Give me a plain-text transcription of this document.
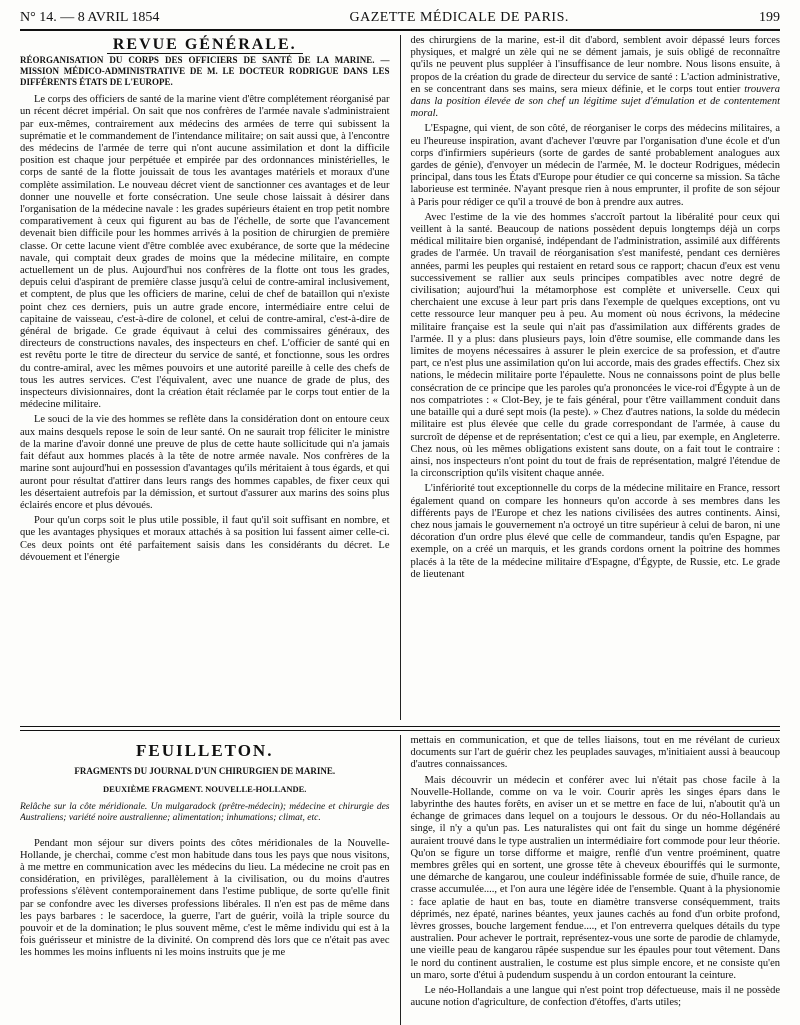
N° 14. — 8 AVRIL 1854	GAZETTE MÉDICALE DE PARIS.	199
REVUE GÉNÉRALE.
RÉORGANISATION DU CORPS DES OFFICIERS DE SANTÉ DE LA MARINE. — MISSION MÉDICO-ADMINISTRATIVE DE M. LE DOCTEUR RODRIGUE DANS LES DIFFÉRENTS ÉTATS DE L'EUROPE.

Le corps des officiers de santé de la marine vient d'être complétement réorganisé par un récent décret impérial. On sait que nos confrères de l'armée navale s'administraient par eux-mêmes, contrairement aux médecins des armées de terre qui subissent la suprématie et le commandement de l'intendance militaire; on sait aussi que, à l'encontre des médecins de l'armée de terre qui n'ont aucune assimilation et dont la difficile position est chaque jour perpétuée et empirée par des ordonnances ministérielles, le corps de santé de la flotte jouissait de tous les avantages matériels et moraux d'une complète assimilation. Le nouveau décret vient de sanctionner ces avantages et de leur donner une nouvelle et forte consécration. Une seule chose laissait à désirer dans l'organisation de la médecine navale : les grades supérieurs étaient en trop petit nombre comparativement à ceux qui figurent au bas de l'échelle, de sorte que l'avancement devenait bien difficile pour les hommes arrivés à la position de chirurgien de première classe. Or cette lacune vient d'être comblée avec exubérance, de sorte que la médecine navale, qui comptait deux grades de moins que la médecine militaire, en compte actuellement un de plus. Aujourd'hui nos confrères de la flotte ont tous les grades, depuis celui d'aspirant de première classe jusqu'à celui de contre-amiral inclusivement, et comptent, de plus que les officiers de marine, celui de chef de bataillon qui n'existe point chez ces derniers, puis un autre grade encore, intermédiaire entre celui de capitaine de vaisseau, c'est-à-dire de colonel, et celui de contre-amiral, c'est-à-dire de général de brigade. Ce grade équivaut à celui des commissaires généraux, des directeurs de constructions navales, des inspecteurs en chef. L'officier de santé qui en est revêtu porte le titre de directeur du service de santé, et fonctionne, sous les ordres du contre-amiral, avec les mêmes pouvoirs et une autorité pareille à celle des chefs de tous les autres services. C'est l'équivalent, avec une nuance de grade de plus, des inspecteurs divisionnaires, dont la création était réclamée par le corps tout entier de la médecine militaire.

Le souci de la vie des hommes se reflète dans la considération dont on entoure ceux aux mains desquels repose le soin de leur santé. On ne saurait trop féliciter le ministre de la marine d'avoir donné une preuve de plus de cette haute sollicitude qui n'a jamais fait défaut aux hommes placés à la tête de notre armée navale. Nos confrères de la marine sont aujourd'hui en possession d'avantages qu'ils méritaient à tous égards, et qui auront pour résultat d'attirer dans leurs rangs des hommes capables, de fixer ceux qui les désertaient autrefois par la démission, et surtout d'assurer aux marins des soins plus éclairés encore et plus dévoués.

Pour qu'un corps soit le plus utile possible, il faut qu'il soit suffisant en nombre, et que les avantages physiques et moraux attachés à sa position lui fassent aimer celle-ci. Ces deux points ont été parfaitement saisis dans les considérants du décret. Le dévouement et l'énergie

des chirurgiens de la marine, est-il dit d'abord, semblent avoir dépassé leurs forces physiques, et malgré un zèle qui ne se dément jamais, je suis obligé de reconnaître qu'ils ne peuvent plus suppléer à l'insuffisance de leur nombre. Nous lisons ensuite, à propos de la création du grade de directeur du service de santé : L'action administrative, en se concentrant dans ses mains, sera mieux définie, et le corps tout entier trouvera dans la position élevée de son chef un légitime sujet d'émulation et de contentement moral.

L'Espagne, qui vient, de son côté, de réorganiser le corps des médecins militaires, a eu l'heureuse inspiration, avant d'achever l'œuvre par l'organisation d'une école et d'un corps d'infirmiers supérieurs (sorte de gardes de santé probablement analogues aux gardes de génie), d'envoyer un médecin de l'armée, M. le docteur Rodrigues, médecin principal, dans tous les États d'Europe pour étudier ce qui concerne sa mission. Sa tâche laborieuse est terminée. N'ayant presque rien à nous emprunter, il profite de son séjour à Paris pour rédiger ce qu'il a trouvé de bon à prendre aux autres.

Avec l'estime de la vie des hommes s'accroît partout la libéralité pour ceux qui veillent à la santé. Beaucoup de nations possèdent depuis longtemps déjà un corps médical militaire bien organisé, indépendant de l'administration, assimilé aux différents grades de l'armée. Un travail de réorganisation s'est manifesté, pendant ces dernières années, parmi les peuples qui restaient en retard sous ce rapport; chacun d'eux est venu successivement se rallier aux seuls principes compatibles avec notre degré de civilisation; aujourd'hui la métamorphose est complète et universelle. Ceux qui cherchaient une excuse à leur part pris dans l'exemple de quelques exceptions, ont vu cette ressource leur manquer peu à peu. Au moment où nous écrivons, la médecine militaire française est la seule qui n'ait pas d'assimilation aux différents grades de l'armée. Il y a plus: dans plusieurs pays, loin d'être soumise, elle commande dans les limites de moyens nécessaires à assurer le plein exercice de sa profession, et d'autre part, ce n'est plus une assimilation qu'on lui accorde, mais des grades effectifs. Chez six nations, le médecin militaire porte l'épaulette. Nous ne connaissons point de plus belle consécration de ce principe que les paroles qu'a prononcées le vice-roi d'Égypte à un de nos compatriotes : « Clot-Bey, je te fais général, pour t'être vaillamment conduit dans une bataille qui a duré sept mois (la peste). » Chez d'autres nations, la solde du médecin militaire est plus élevée que celle du grade correspondant de l'armée, à cause du surcroît de dépense et de représentation; c'est ce qui a lieu, par exemple, en Angleterre. Chez nous, où les mêmes obligations existent sans doute, on a fait tout le contraire : ainsi, nos inspecteurs n'ont point du tout de frais de représentation, malgré l'étendue de la circonscription qu'ils visitent chaque année.

L'infériorité tout exceptionnelle du corps de la médecine militaire en France, ressort également quand on compare les honneurs qu'on accorde à ses membres dans les différents pays de l'Europe et chez les nations civilisées des autres continents. Ainsi, chez nous jamais le gouvernement n'a octroyé un titre supérieur à celui de baron, ni une décoration d'un ordre plus élevé que celle de commandeur, tandis qu'en Espagne, par exemple, on a créé un marquis, et les grands cordons ornent la poitrine des hommes placés à la tête de la médecine militaire d'Espagne, d'Égypte, de Russie, etc. Le grade de lieutenant

FEUILLETON.
FRAGMENTS DU JOURNAL D'UN CHIRURGIEN DE MARINE.
DEUXIÈME FRAGMENT. NOUVELLE-HOLLANDE.

Relâche sur la côte méridionale. Un mulgaradock (prêtre-médecin); médecine et chirurgie des Australiens; variété noire australienne; alimentation; inhumations; climat, etc.

Pendant mon séjour sur divers points des côtes méridionales de la Nouvelle-Hollande, je cherchai, comme c'est mon habitude dans tous les pays que nous visitons, à me mettre en communication avec les médecins du lieu. La médecine ne croit pas en considération, en privilèges, parallèlement à la civilisation, ou du moins d'autres professions s'élèvent contemporainement dans l'estime publique, de sorte qu'elle finit par se confondre avec les diverses professions libérales. Il n'en est pas de même dans les pays barbares : le sacerdoce, la guerre, l'art de guérir, voilà la triple source du pouvoir et de la domination; le plus souvent même, c'est le même individu qui est à la fois guérisseur et ministre de la divinité. On comprend dès lors que ce n'était pas avec les hommes les moins influents ni les moins instruits que je me

mettais en communication, et que de telles liaisons, tout en me révélant de curieux documents sur l'art de guérir chez les peuplades sauvages, m'initiaient aussi à beaucoup d'autres connaissances.

Mais découvrir un médecin et conférer avec lui n'était pas chose facile à la Nouvelle-Hollande, comme on va le voir. Courir après les singes épars dans le labyrinthe des hautes forêts, en aviser un et se mettre en face de lui, n'aboutit qu'à un échange de grimaces dans lequel on a toujours le dessous. Or du néo-Hollandais au singe, il n'y a qu'un pas. Les naturalistes qui ont fait du singe un homme dégénéré auraient trouvé dans le type australien un intermédiaire fort commode pour leur théorie. Qu'on se figure un torse difforme et maigre, renflé d'un ventre proéminent, quatre membres grêles qui en sortent, une grosse tête à cheveux ébouriffés qui le surmonte, une démarche de kangarou, une couleur indéfinissable formée de suie, d'huile rance, de crasse accumulée...., et l'on aura une légère idée de l'ensemble. Quant à la physionomie : face aplatie de haut en bas, toute en diamètre transverse conséquemment, traits déprimés, nez épaté, narines béantes, yeux jaunes cachés au fond d'un orbite profond, lèvres grosses, bouche largement fendue...., et l'on entreverra quelques détails du type australien. Pour achever le portrait, représentez-vous une sorte de parodie de chlamyde, une vieille peau de kangarou râpée suspendue sur les épaules pour tout vêtement. Dans le nord du continent australien, le costume est plus simple encore, et ne consiste qu'en un maro, sorte d'étui à pudendum suspendu à un cordon entourant la ceinture.

Le néo-Hollandais a une langue qui n'est point trop défectueuse, mais il ne possède aucune notion d'agriculture, de confection d'étoffes, d'arts utiles;
